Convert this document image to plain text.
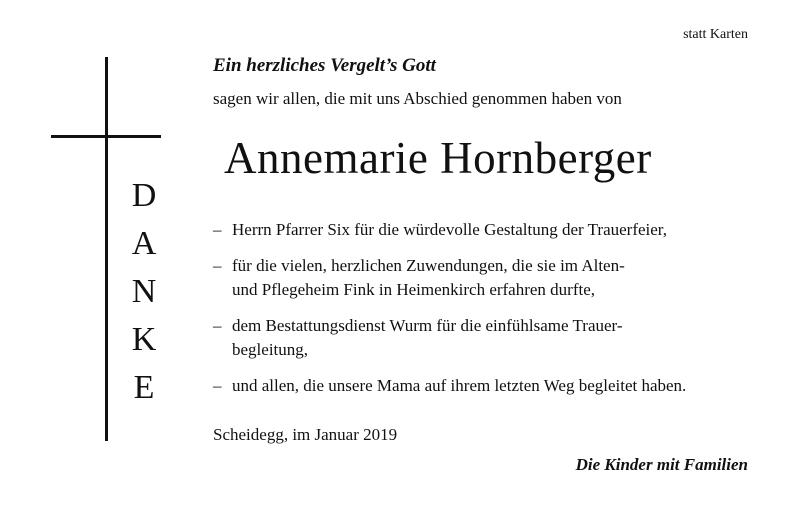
statt Karten
D
A
N
K
E
Ein herzliches Vergelt’s Gott
sagen wir allen, die mit uns Abschied genommen haben von
Annemarie Hornberger
– Herrn Pfarrer Six für die würdevolle Gestaltung der Trauerfeier,
– für die vielen, herzlichen Zuwendungen, die sie im Alten-
und Pflegeheim Fink in Heimenkirch erfahren durfte,
– dem Bestattungsdienst Wurm für die einfühlsame Trauer-
begleitung,
– und allen, die unsere Mama auf ihrem letzten Weg begleitet haben.
Scheidegg, im Januar 2019
Die Kinder mit Familien
